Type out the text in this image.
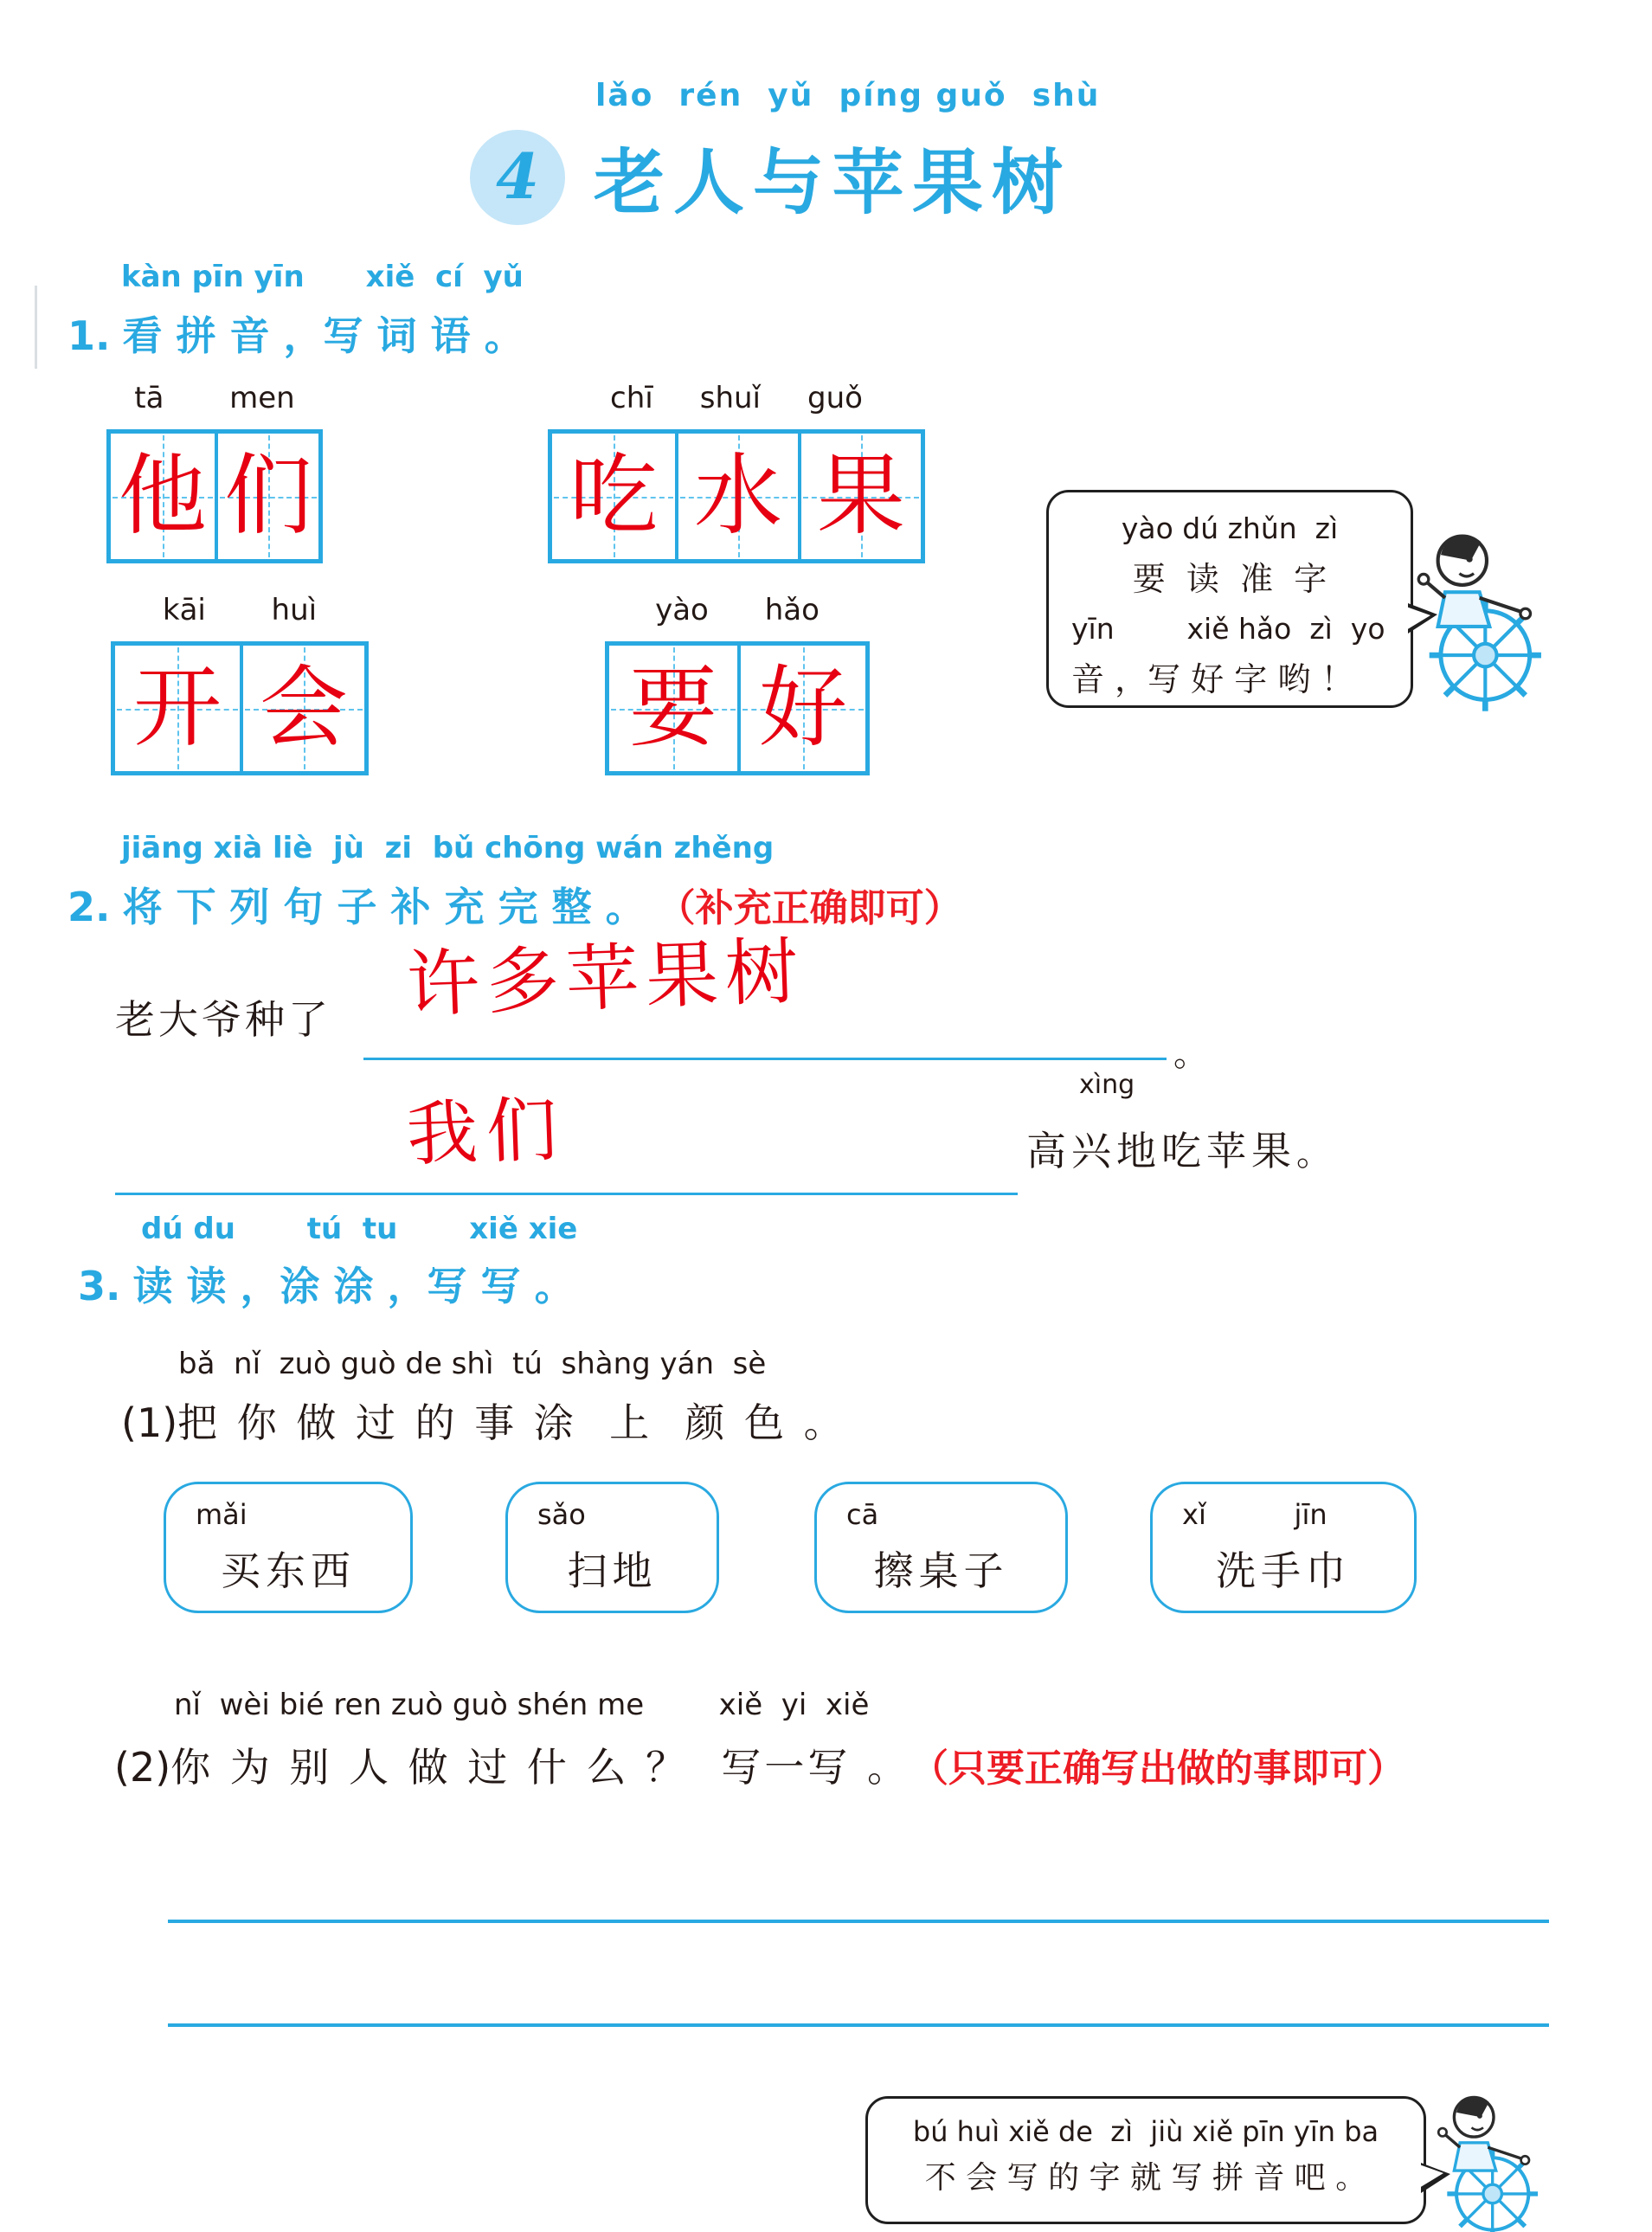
lǎo  rén  yǔ  píng guǒ  shù
4 老人与苹果树
kàn pīn yīn      xiě  cí  yǔ
1. 看 拼 音 ，写 词 语 。
tā       men
他 们
chī     shuǐ     guǒ
吃 水 果
kāi       huì
开 会
yào      hǎo
要 好
yào dú zhǔn  zì
要  读  准  字
yīn        xiě hǎo  zì  yo
音 ，写 好 字 哟 ！
jiāng xià liè  jù  zi  bǔ chōng wán zhěng
2. 将 下 列 句 子 补 充 完 整 。 （补充正确即可）
老大爷种了 许多苹果树
。
我们
xìng
高兴地吃苹果。
dú du       tú  tu       xiě xie
3. 读 读 ，涂 涂 ，写 写 。
bǎ  nǐ  zuò guò de shì  tú  shàng yán  sè
(1) 把 你 做 过 的 事 涂  上  颜 色 。
mǎi
买东西
sǎo
扫地
cā
擦桌子
xǐ          jīn
洗手巾
nǐ  wèi bié ren zuò guò shén me        xiě  yi  xiě
(2) 你 为 别 人 做 过 什 么 ？  写一写 。 （只要正确写出做的事即可）
bú huì xiě de  zì  jiù xiě pīn yīn ba
不 会 写 的 字 就 写 拼 音 吧 。
